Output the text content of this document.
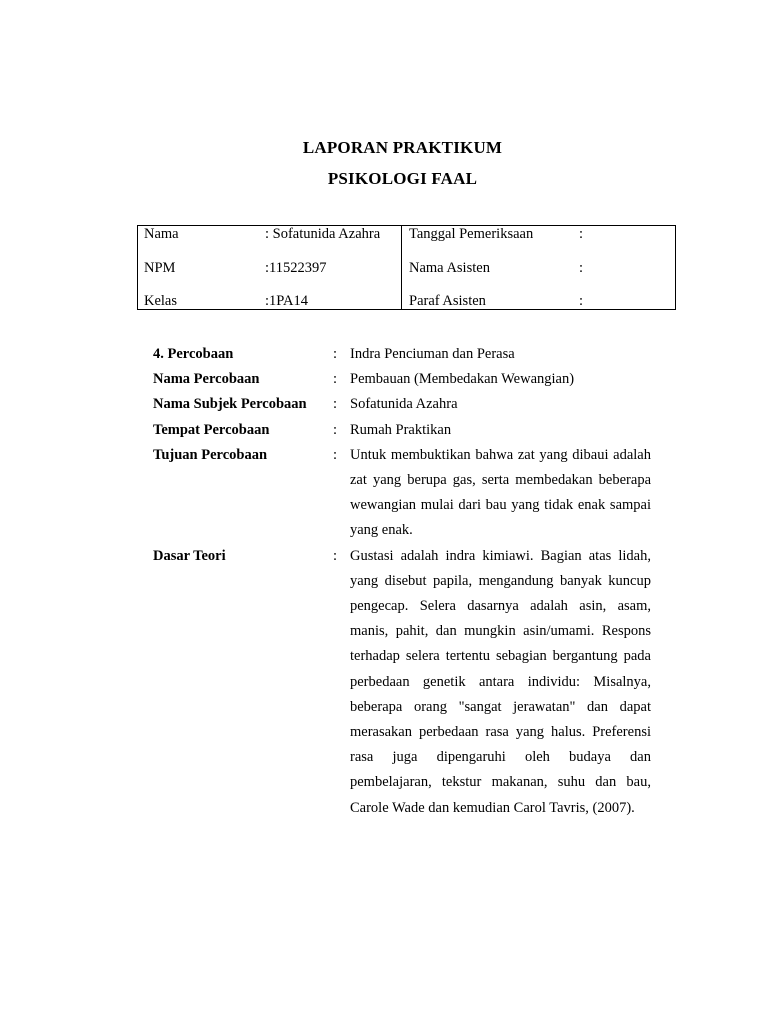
LAPORAN PRAKTIKUM
PSIKOLOGI FAAL
Nama	: Sofatunida Azahra
NPM	:11522397
Kelas	:1PA14
Tanggal Pemeriksaan	:
Nama Asisten	:
Paraf Asisten	:
4. Percobaan	: Indra Penciuman dan Perasa
Nama Percobaan	: Pembauan (Membedakan Wewangian)
Nama Subjek Percobaan : Sofatunida Azahra
Tempat Percobaan	: Rumah Praktikan
Tujuan Percobaan	: Untuk membuktikan bahwa zat yang dibaui adalah zat yang berupa gas, serta membedakan beberapa wewangian mulai dari bau yang tidak enak sampai yang enak.
Dasar Teori	: Gustasi adalah indra kimiawi. Bagian atas lidah, yang disebut papila, mengandung banyak kuncup pengecap. Selera dasarnya adalah asin, asam, manis, pahit, dan mungkin asin/umami. Respons terhadap selera tertentu sebagian bergantung pada perbedaan genetik antara individu: Misalnya, beberapa orang "sangat jerawatan" dan dapat merasakan perbedaan rasa yang halus. Preferensi rasa juga dipengaruhi oleh budaya dan pembelajaran, tekstur makanan, suhu dan bau, Carole Wade dan kemudian Carol Tavris, (2007).
